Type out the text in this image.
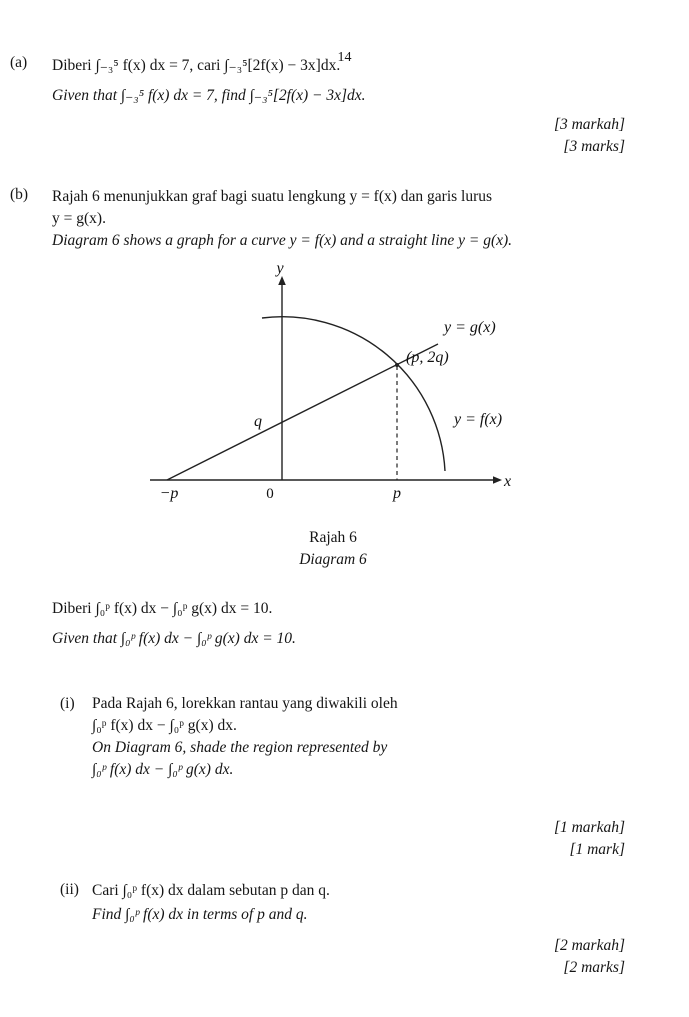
14
(a)	Diberi ∫₋₃⁵ f(x) dx = 7, cari ∫₋₃⁵[2f(x) − 3x]dx.
Given that ∫₋₃⁵ f(x) dx = 7, find ∫₋₃⁵[2f(x) − 3x]dx.
[3 markah]
[3 marks]
(b)	Rajah 6 menunjukkan graf bagi suatu lengkung y = f(x) dan garis lurus
y = g(x).
Diagram 6 shows a graph for a curve y = f(x) and a straight line y = g(x).
y
x
y = g(x)
(p, 2q)
y = f(x)
q
−p	0	p
Rajah 6
Diagram 6
Diberi ∫₀ᵖ f(x) dx − ∫₀ᵖ g(x) dx = 10.
Given that ∫₀ᵖ f(x) dx − ∫₀ᵖ g(x) dx = 10.
(i)	Pada Rajah 6, lorekkan rantau yang diwakili oleh
∫₀ᵖ f(x) dx − ∫₀ᵖ g(x) dx.
On Diagram 6, shade the region represented by
∫₀ᵖ f(x) dx − ∫₀ᵖ g(x) dx.
[1 markah]
[1 mark]
(ii) Cari ∫₀ᵖ f(x) dx dalam sebutan p dan q.
Find ∫₀ᵖ f(x) dx in terms of p and q.
[2 markah]
[2 marks]
